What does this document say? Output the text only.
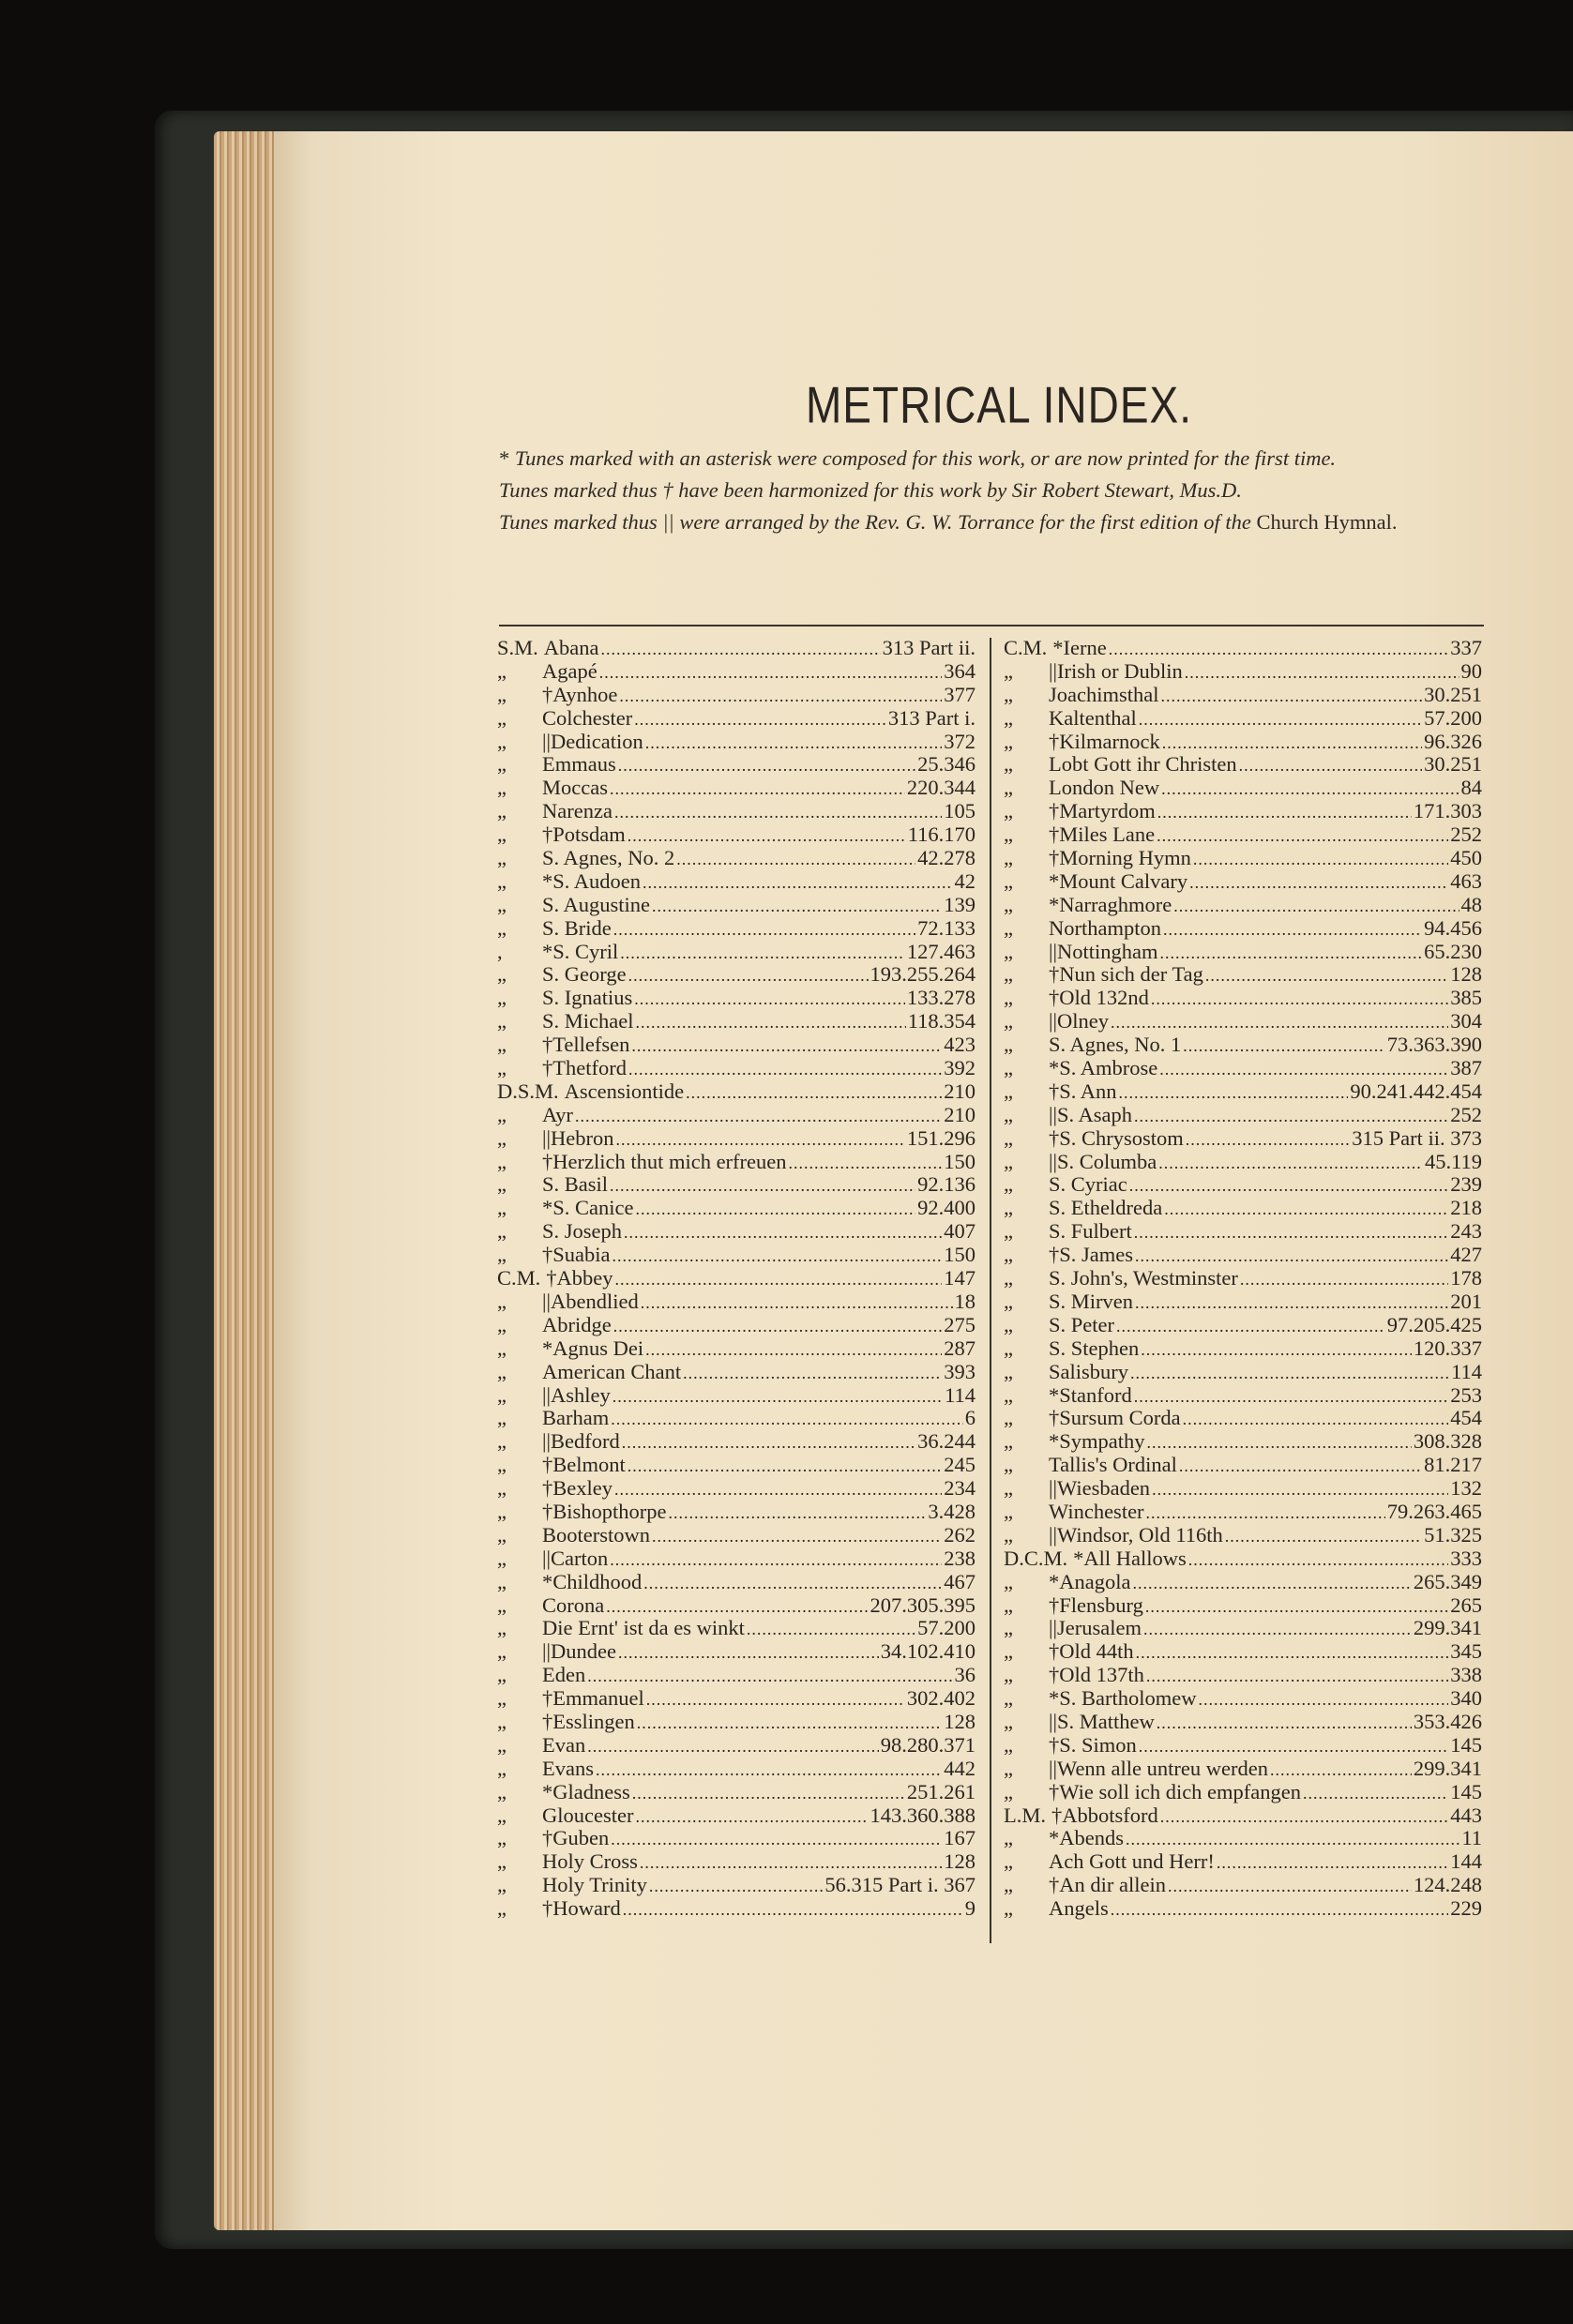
METRICAL INDEX.

* Tunes marked with an asterisk were composed for this work, or are now printed for the first time.

Tunes marked thus † have been harmonized for this work by Sir Robert Stewart, Mus.D.

Tunes marked thus || were arranged by the Rev. G. W. Torrance for the first edition of the Church Hymnal.

S.M. Abana .....	313 Part ii.
„	Agapé .....	364
„	†Aynhoe .....	377
„	Colchester .....	313 Part i.
„	||Dedication .....	372
„	Emmaus .....	25.346
„	Moccas .....	220.344
„	Narenza .....	105
„	†Potsdam .....	116.170
„	S. Agnes, No. 2 .....	42.278
„	*S. Audoen .....	42
„	S. Augustine .....	139
„	S. Bride .....	72.133
,	*S. Cyril .....	127.463
„	S. George .....	193.255.264
„	S. Ignatius .....	133.278
„	S. Michael .....	118.354
„	†Tellefsen .....	423
„	†Thetford .....	392
D.S.M. Ascensiontide .....	210
„	Ayr .....	210
„	||Hebron .....	151.296
„	†Herzlich thut mich erfreuen .....	150
„	S. Basil .....	92.136
„	*S. Canice .....	92.400
„	S. Joseph .....	407
„	†Suabia .....	150
C.M. †Abbey .....	147
„	||Abendlied .....	18
„	Abridge .....	275
„	*Agnus Dei .....	287
„	American Chant .....	393
„	||Ashley .....	114
„	Barham .....	6
„	||Bedford .....	36.244
„	†Belmont .....	245
„	†Bexley .....	234
„	†Bishopthorpe .....	3.428
„	Booterstown .....	262
„	||Carton .....	238
„	*Childhood .....	467
„	Corona .....	207.305.395
„	Die Ernt' ist da es winkt .....	57.200
„	||Dundee .....	34.102.410
„	Eden .....	36
„	†Emmanuel .....	302.402
„	†Esslingen .....	128
„	Evan .....	98.280.371
„	Evans .....	442
„	*Gladness .....	251.261
„	Gloucester .....	143.360.388
„	†Guben .....	167
„	Holy Cross .....	128
„	Holy Trinity .....	56.315 Part i. 367
„	†Howard .....	9
C.M. *Ierne .....	337
„	||Irish or Dublin .....	90
„	Joachimsthal .....	30.251
„	Kaltenthal .....	57.200
„	†Kilmarnock .....	96.326
„	Lobt Gott ihr Christen .....	30.251
„	London New .....	84
„	†Martyrdom .....	171.303
„	†Miles Lane .....	252
„	†Morning Hymn .....	450
„	*Mount Calvary .....	463
„	*Narraghmore .....	48
„	Northampton .....	94.456
„	||Nottingham .....	65.230
„	†Nun sich der Tag .....	128
„	†Old 132nd .....	385
„	||Olney .....	304
„	S. Agnes, No. 1 .....	73.363.390
„	*S. Ambrose .....	387
„	†S. Ann .....	90.241.442.454
„	||S. Asaph .....	252
„	†S. Chrysostom .....	315 Part ii. 373
„	||S. Columba .....	45.119
„	S. Cyriac .....	239
„	S. Etheldreda .....	218
„	S. Fulbert .....	243
„	†S. James .....	427
„	S. John's, Westminster .....	178
„	S. Mirven .....	201
„	S. Peter .....	97.205.425
„	S. Stephen .....	120.337
„	Salisbury .....	114
„	*Stanford .....	253
„	†Sursum Corda .....	454
„	*Sympathy .....	308.328
„	Tallis's Ordinal .....	81.217
„	||Wiesbaden .....	132
„	Winchester .....	79.263.465
„	||Windsor, Old 116th .....	51.325
D.C.M. *All Hallows .....	333
„	*Anagola .....	265.349
„	†Flensburg .....	265
„	||Jerusalem .....	299.341
„	†Old 44th .....	345
„	†Old 137th .....	338
„	*S. Bartholomew .....	340
„	||S. Matthew .....	353.426
„	†S. Simon .....	145
„	||Wenn alle untreu werden .....	299.341
„	†Wie soll ich dich empfangen .....	145
L.M. †Abbotsford .....	443
„	*Abends .....	11
„	Ach Gott und Herr! .....	144
„	†An dir allein .....	124.248
„	Angels .....	229
